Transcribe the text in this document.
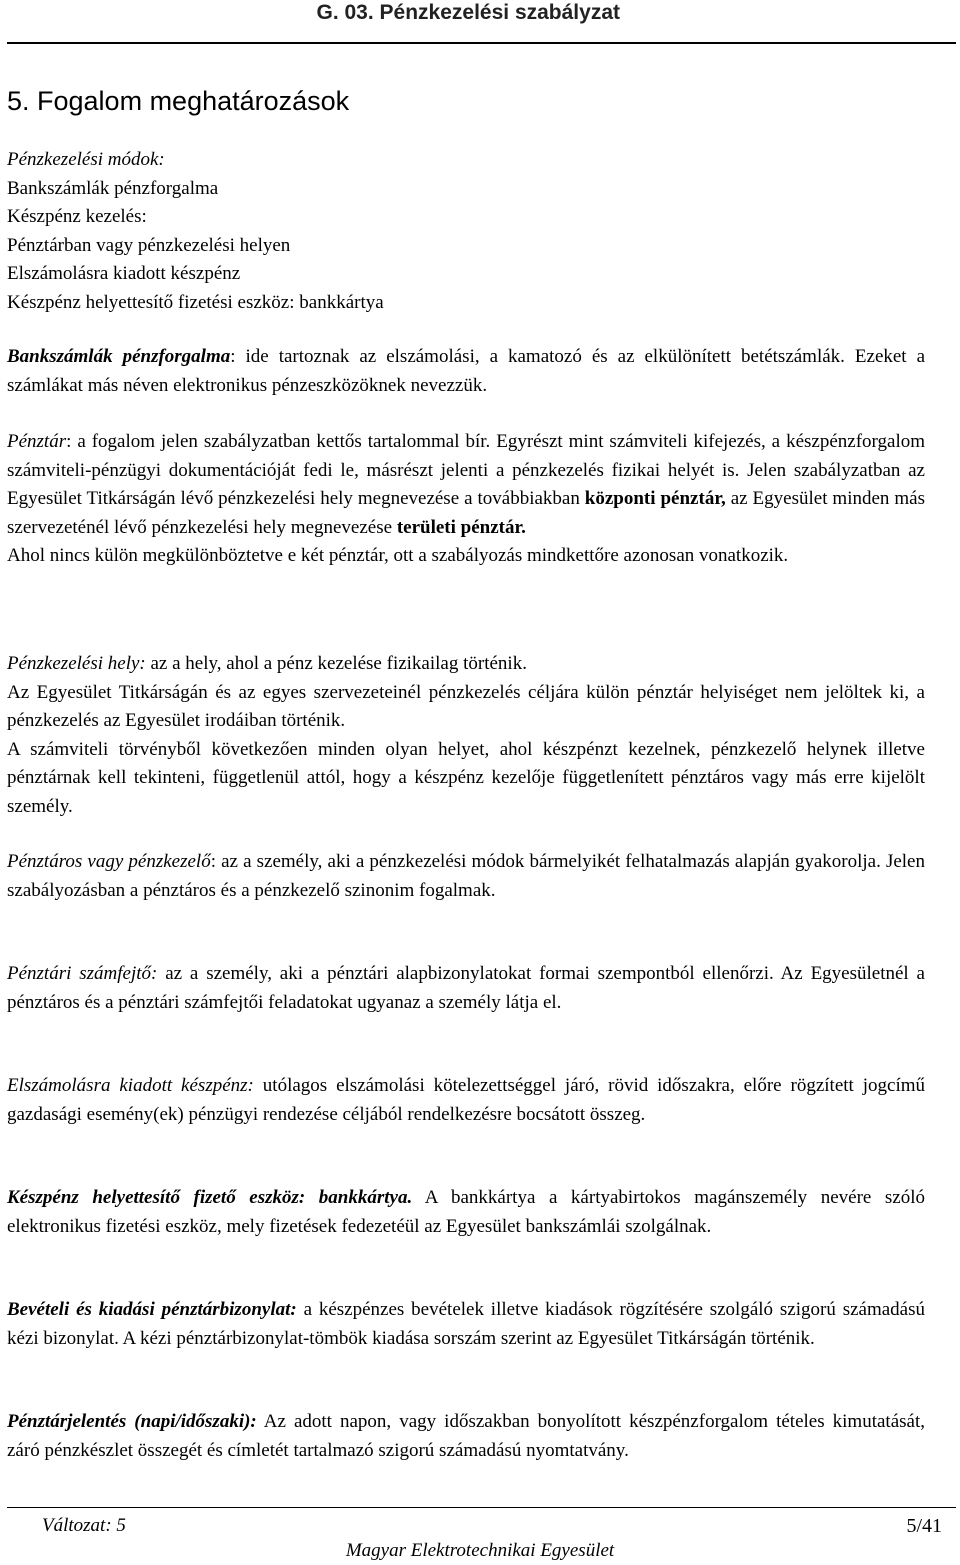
G. 03. Pénzkezelési szabályzat
5. Fogalom meghatározások
Pénzkezelési módok:
Bankszámlák pénzforgalma
Készpénz kezelés:
Pénztárban vagy pénzkezelési helyen
Elszámolásra kiadott készpénz
Készpénz helyettesítő fizetési eszköz: bankkártya
Bankszámlák pénzforgalma: ide tartoznak az elszámolási, a kamatozó és az elkülönített betétszámlák. Ezeket a számlákat más néven elektronikus pénzeszközöknek nevezzük.
Pénztár: a fogalom jelen szabályzatban kettős tartalommal bír. Egyrészt mint számviteli kifejezés, a készpénzforgalom számviteli-pénzügyi dokumentációját fedi le, másrészt jelenti a pénzkezelés fizikai helyét is. Jelen szabályzatban az Egyesület Titkárságán lévő pénzkezelési hely megnevezése a továbbiakban központi pénztár, az Egyesület minden más szervezeténél lévő pénzkezelési hely megnevezése területi pénztár.
Ahol nincs külön megkülönböztetve e két pénztár, ott a szabályozás mindkettőre azonosan vonatkozik.
Pénzkezelési hely: az a hely, ahol a pénz kezelése fizikailag történik.
Az Egyesület Titkárságán és az egyes szervezeteinél pénzkezelés céljára külön pénztár helyiséget nem jelöltek ki, a pénzkezelés az Egyesület irodáiban történik.
A számviteli törvényből következően minden olyan helyet, ahol készpénzt kezelnek, pénzkezelő helynek illetve pénztárnak kell tekinteni, függetlenül attól, hogy a készpénz kezelője függetlenített pénztáros vagy más erre kijelölt személy.
Pénztáros vagy pénzkezelő: az a személy, aki a pénzkezelési módok bármelyikét felhatalmazás alapján gyakorolja. Jelen szabályozásban a pénztáros és a pénzkezelő szinonim fogalmak.
Pénztári számfejtő: az a személy, aki a pénztári alapbizonylatokat formai szempontból ellenőrzi. Az Egyesületnél a pénztáros és a pénztári számfejtői feladatokat ugyanaz a személy látja el.
Elszámolásra kiadott készpénz: utólagos elszámolási kötelezettséggel járó, rövid időszakra, előre rögzített jogcímű gazdasági esemény(ek) pénzügyi rendezése céljából rendelkezésre bocsátott összeg.
Készpénz helyettesítő fizető eszköz: bankkártya. A bankkártya a kártyabirtokos magánszemély nevére szóló elektronikus fizetési eszköz, mely fizetések fedezetéül az Egyesület bankszámlái szolgálnak.
Bevételi és kiadási pénztárbizonylat: a készpénzes bevételek illetve kiadások rögzítésére szolgáló szigorú számadású kézi bizonylat. A kézi pénztárbizonylat-tömbök kiadása sorszám szerint az Egyesület Titkárságán történik.
Pénztárjelentés (napi/időszaki): Az adott napon, vagy időszakban bonyolított készpénzforgalom tételes kimutatását, záró pénzkészlet összegét és címletét tartalmazó szigorú számadású nyomtatvány.
Változat: 5	5/41
Magyar Elektrotechnikai Egyesület
